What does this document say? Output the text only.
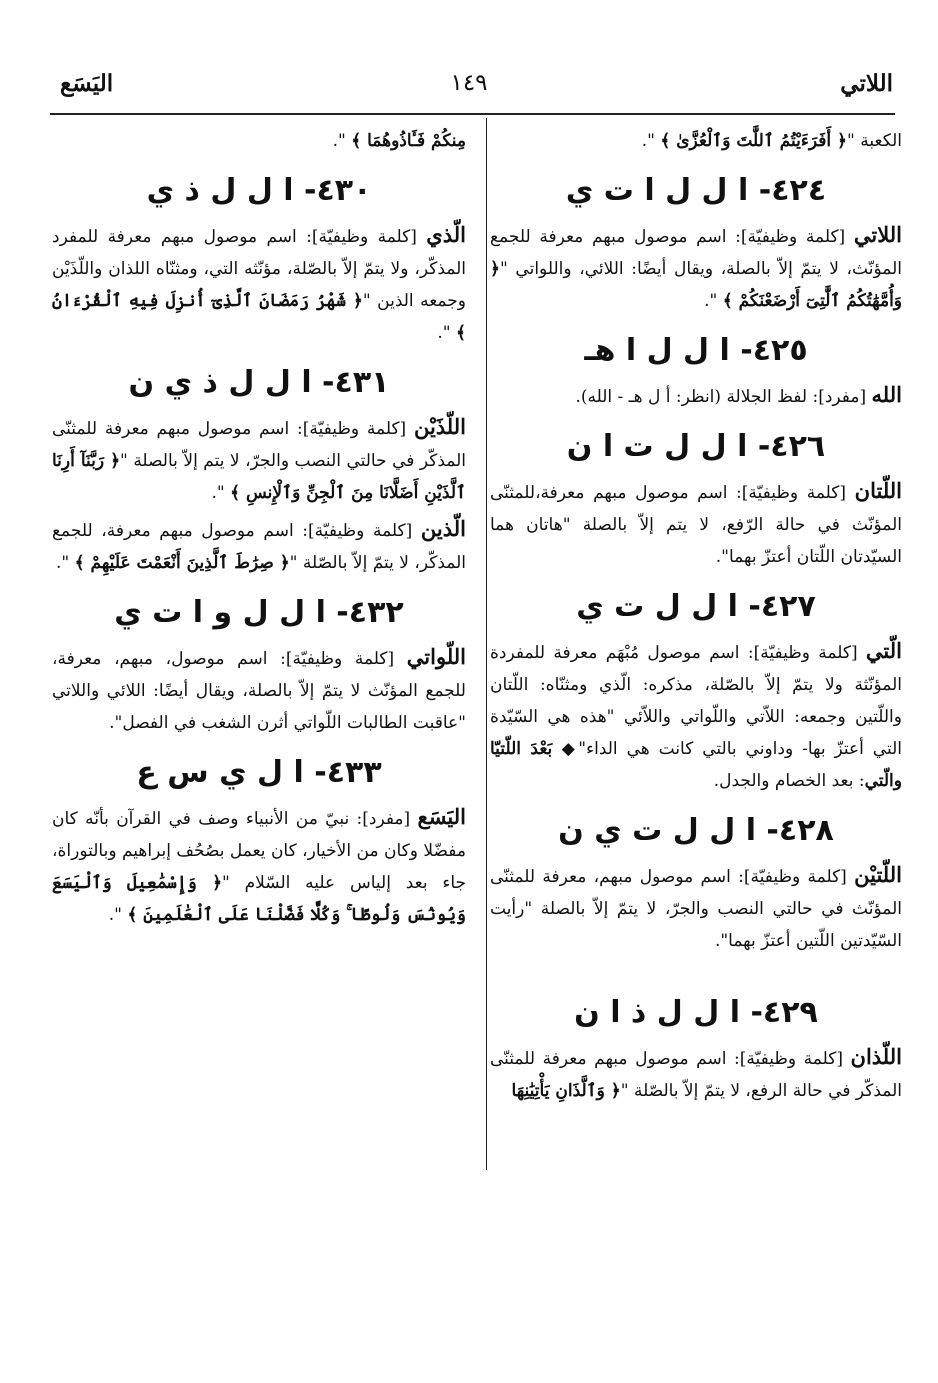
اللاتي
١٤٩
اليَسَع

الكعبة "﴿ أَفَرَءَيْتُمُ ٱللَّٰتَ وَٱلْعُزَّىٰ ﴾ ".

٤٢٤- ا ل ل ا ت ي

اللاتي [كلمة وظيفيّة]: اسم موصول مبهم معرفة للجمع المؤنّث، لا يتمّ إلاّ بالصلة، ويقال أيضًا: اللائي، واللواتي "﴿ وَأُمَّهَٰتُكُمُ ٱلَّٰتِىٓ أَرْضَعْنَكُمْ ﴾ ".

٤٢٥- ا ل ل ا هـ

الله [مفرد]: لفظ الجلالة (انظر: أ ل هـ - الله).

٤٢٦- ا ل ل ت ا ن

اللّتان [كلمة وظيفيّة]: اسم موصول مبهم معرفة،للمثنّى المؤنّث في حالة الرّفع، لا يتم إلاّ بالصلة "هاتان هما السيّدتان اللّتان أعتزّ بهما".

٤٢٧- ا ل ل ت ي

الّتي [كلمة وظيفيّة]: اسم موصول مُبْهَم معرفة للمفردة المؤنّثة ولا يتمّ إلاّ بالصّلة، مذكره: الّذي ومثنّاه: اللّتان واللّتين وجمعه: اللاّتي واللّواتي واللاّئي "هذه هي السّيّدة التي أعتزّ بها- وداوني بالتي كانت هي الداء"◆ بَعْدَ اللّتيّا والّتي: بعد الخصام والجدل.

٤٢٨- ا ل ل ت ي ن

اللّتيْن [كلمة وظيفيّة]: اسم موصول مبهم، معرفة للمثنّى المؤنّث في حالتي النصب والجرّ، لا يتمّ إلاّ بالصلة "رأيت السّيّدتين اللّتين أعتزّ بهما".

٤٢٩- ا ل ل ذ ا ن

اللّذان [كلمة وظيفيّة]: اسم موصول مبهم معرفة للمثنّى المذكّر في حالة الرفع، لا يتمّ إلاّ بالصّلة "﴿ وَٱلَّذَانِ يَأْتِيَٰنِهَا

مِنكُمْ فَـَٔاذُوهُمَا ﴾ ".

٤٣٠- ا ل ل ذ ي

الّذي [كلمة وظيفيّة]: اسم موصول مبهم معرفة للمفرد المذكّر، ولا يتمّ إلاّ بالصّلة، مؤنّثه التي، ومثنّاه اللذان واللّذَيْن وجمعه الذين "﴿ شَهْرُ رَمَضَانَ ٱلَّذِىٓ أُنزِلَ فِيهِ ٱلْقُرْءَانُ ﴾ ".

٤٣١- ا ل ل ذ ي ن

اللّذَيْن [كلمة وظيفيّة]: اسم موصول مبهم معرفة للمثنّى المذكّر في حالتي النصب والجرّ، لا يتم إلاّ بالصلة "﴿ رَبَّنَآ أَرِنَا ٱلَّذَيْنِ أَضَلَّانَا مِنَ ٱلْجِنِّ وَٱلْإِنسِ ﴾ ".

الّذين [كلمة وظيفيّة]: اسم موصول مبهم معرفة، للجمع المذكّر، لا يتمّ إلاّ بالصّلة "﴿ صِرَٰطَ ٱلَّذِينَ أَنْعَمْتَ عَلَيْهِمْ ﴾ ".

٤٣٢- ا ل ل و ا ت ي

اللّواتي [كلمة وظيفيّة]: اسم موصول، مبهم، معرفة، للجمع المؤنّث لا يتمّ إلاّ بالصلة، ويقال أيضًا: اللائي واللاتي "عاقبت الطالبات اللّواتي أثرن الشغب في الفصل".

٤٣٣- ا ل ي س ع

اليَسَع [مفرد]: نبيّ من الأنبياء وصف في القرآن بأنّه كان مفضّلا وكان من الأخيار، كان يعمل بصُحُف إبراهيم وبالتوراة، جاء بعد إلياس عليه السّلام "﴿ وَإِسْمَٰعِيلَ وَٱلْيَسَعَ وَيُونُسَ وَلُوطًا ۚ وَكُلًّا فَضَّلْنَا عَلَى ٱلْعَٰلَمِينَ ﴾ ".
